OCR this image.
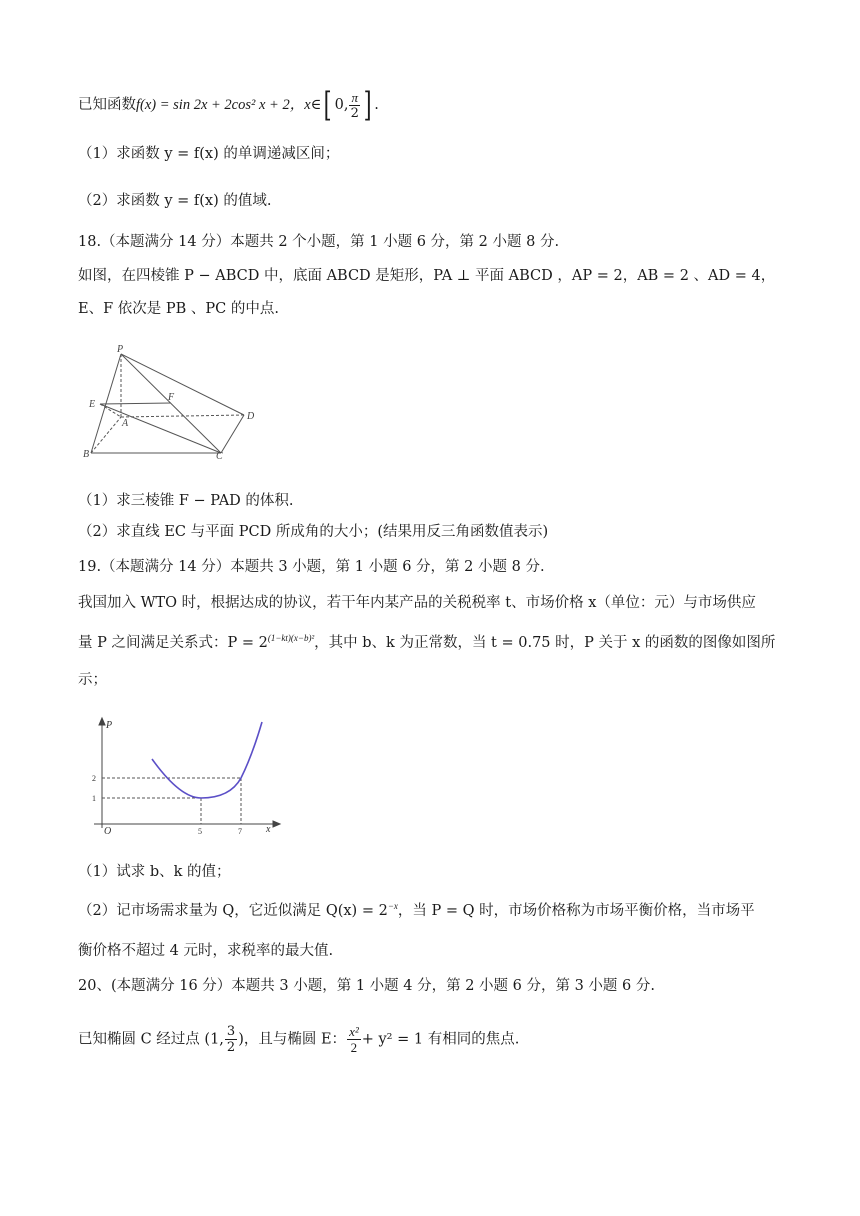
已知函数f(x) = sin 2x + 2cos² x + 2，x∈[ 0, $\frac{\pi}{2}$ ] .
（1）求函数 y = f(x) 的单调递减区间；
（2）求函数 y = f(x) 的值域.
18.（本题满分 14 分）本题共 2 个小题，第 1 小题 6 分，第 2 小题 8 分.
如图，在四棱锥 P − ABCD 中，底面 ABCD 是矩形，PA ⊥ 平面 ABCD ，AP = 2，AB = 2 、AD = 4，
E、F 依次是 PB 、PC 的中点.
P
E
F
A
B	C
D
（1）求三棱锥 F − PAD 的体积.
（2）求直线 EC 与平面 PCD 所成角的大小；(结果用反三角函数值表示)
19.（本题满分 14 分）本题共 3 小题，第 1 小题 6 分，第 2 小题 8 分.
我国加入 WTO 时，根据达成的协议，若干年内某产品的关税税率 t、市场价格 x（单位：元）与市场供应
量 P 之间满足关系式：$P = 2^{(1-kt)(x-b)^2}$，其中 b、k 为正常数，当 t = 0.75 时，P 关于 x 的函数的图像如图所
示；
P
x
O	5	7
1
2
（1）试求 b、k 的值；
（2）记市场需求量为 Q，它近似满足 $Q(x) = 2^{-x}$，当 P = Q 时，市场价格称为市场平衡价格，当市场平
衡价格不超过 4 元时，求税率的最大值.
20、(本题满分 16 分）本题共 3 小题，第 1 小题 4 分，第 2 小题 6 分，第 3 小题 6 分.
已知椭圆 C 经过点 (1, $\frac{3}{2}$ )，且与椭圆 E： $\frac{\text{x²}}{2} + y^2 = 1$ 有相同的焦点.
